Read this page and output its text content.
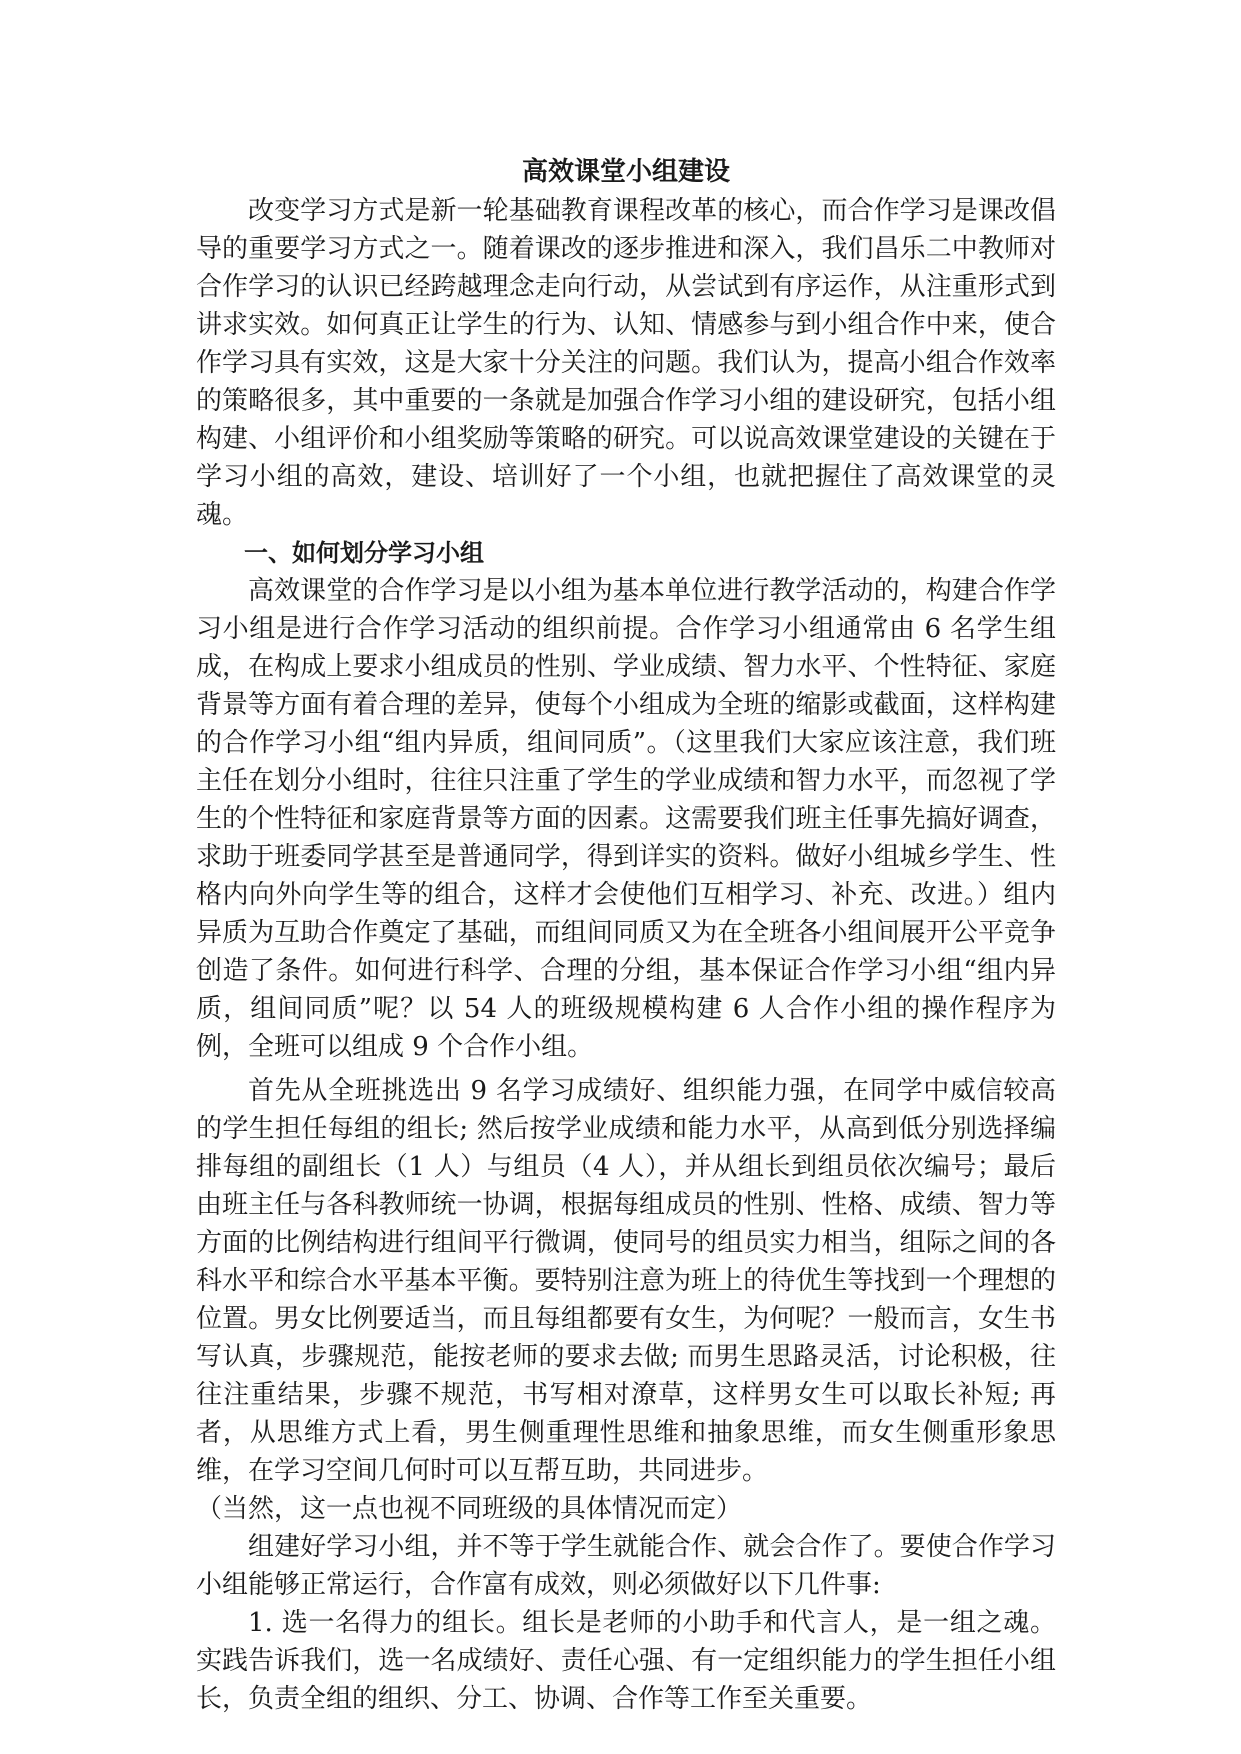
高效课堂小组建设

改变学习方式是新一轮基础教育课程改革的核心，而合作学习是课改倡导的重要学习方式之一。随着课改的逐步推进和深入，我们昌乐二中教师对合作学习的认识已经跨越理念走向行动，从尝试到有序运作，从注重形式到讲求实效。如何真正让学生的行为、认知、情感参与到小组合作中来，使合作学习具有实效，这是大家十分关注的问题。我们认为，提高小组合作效率的策略很多，其中重要的一条就是加强合作学习小组的建设研究，包括小组构建、小组评价和小组奖励等策略的研究。可以说高效课堂建设的关键在于学习小组的高效，建设、培训好了一个小组，也就把握住了高效课堂的灵魂。

一、如何划分学习小组

高效课堂的合作学习是以小组为基本单位进行教学活动的，构建合作学习小组是进行合作学习活动的组织前提。合作学习小组通常由 6 名学生组成，在构成上要求小组成员的性别、学业成绩、智力水平、个性特征、家庭背景等方面有着合理的差异，使每个小组成为全班的缩影或截面，这样构建的合作学习小组“组内异质，组间同质”。（这里我们大家应该注意，我们班主任在划分小组时，往往只注重了学生的学业成绩和智力水平，而忽视了学生的个性特征和家庭背景等方面的因素。这需要我们班主任事先搞好调查，求助于班委同学甚至是普通同学，得到详实的资料。做好小组城乡学生、性格内向外向学生等的组合，这样才会使他们互相学习、补充、改进。）组内异质为互助合作奠定了基础，而组间同质又为在全班各小组间展开公平竞争创造了条件。如何进行科学、合理的分组，基本保证合作学习小组“组内异质，组间同质”呢？以 54 人的班级规模构建 6 人合作小组的操作程序为例，全班可以组成 9 个合作小组。

首先从全班挑选出 9 名学习成绩好、组织能力强，在同学中威信较高的学生担任每组的组长; 然后按学业成绩和能力水平，从高到低分别选择编排每组的副组长（1 人）与组员（4 人），并从组长到组员依次编号；最后由班主任与各科教师统一协调，根据每组成员的性别、性格、成绩、智力等方面的比例结构进行组间平行微调，使同号的组员实力相当，组际之间的各科水平和综合水平基本平衡。要特别注意为班上的待优生等找到一个理想的位置。男女比例要适当，而且每组都要有女生，为何呢？一般而言，女生书写认真，步骤规范，能按老师的要求去做; 而男生思路灵活，讨论积极，往往注重结果，步骤不规范，书写相对潦草，这样男女生可以取长补短; 再者，从思维方式上看，男生侧重理性思维和抽象思维，而女生侧重形象思维，在学习空间几何时可以互帮互助，共同进步。

（当然，这一点也视不同班级的具体情况而定）

组建好学习小组，并不等于学生就能合作、就会合作了。要使合作学习小组能够正常运行，合作富有成效，则必须做好以下几件事:

1. 选一名得力的组长。组长是老师的小助手和代言人，是一组之魂。实践告诉我们，选一名成绩好、责任心强、有一定组织能力的学生担任小组长，负责全组的组织、分工、协调、合作等工作至关重要。
